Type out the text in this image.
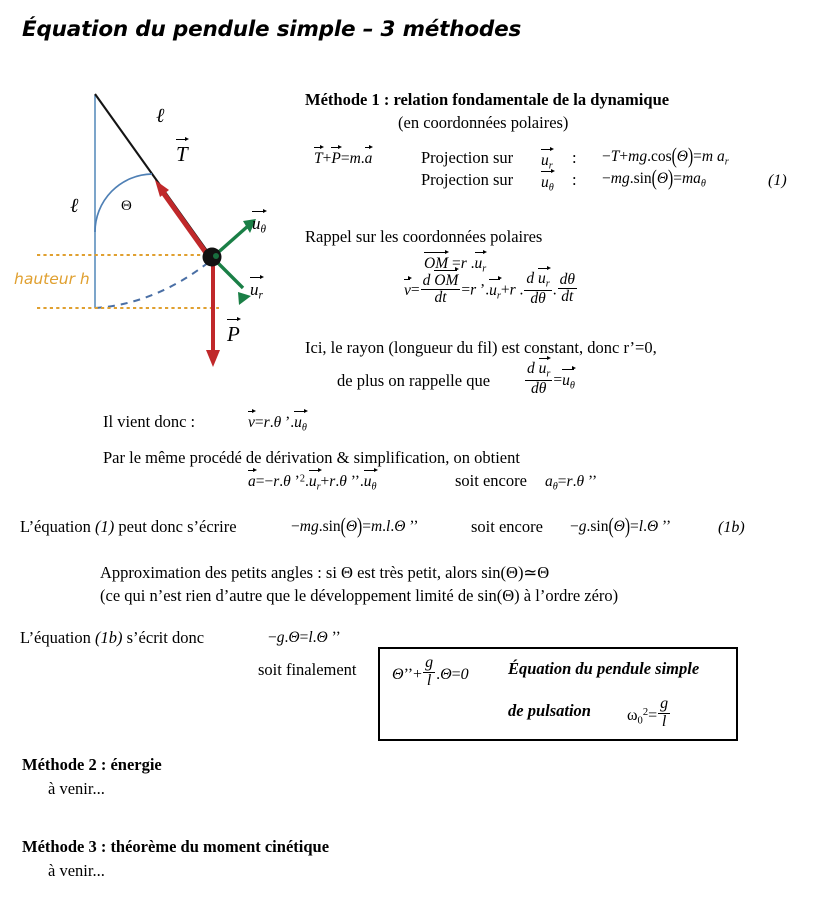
Équation du pendule simple – 3 méthodes
ℓ
ℓ	Θ
T
P
$u_\theta$
$u_r$
hauteur h
Méthode 1 : relation fondamentale de la dynamique
(en coordonnées polaires)
T+P=m.a	Projection sur $u_r$ : −T+mg.cos(Θ)=m $a_r$
Projection sur $u_\theta$ : $-mg.\sin(\Theta)=ma_\theta$	(1)
Rappel sur les coordonnées polaires
OM =r $.u_r$
$v= \frac{\text{d OM}}{dt} =r$ $’.u_r+r$ . $\frac{d u_r}{d\theta}$ . $\frac{d\theta}{dt}$
Ici, le rayon (longueur du fil) est constant, donc r’=0,
de plus on rappelle que $\frac{d u_r}{d\theta} =u_\theta$
Il vient donc :	v=r.θ $’.u_\theta$
Par le même procédé de dérivation & simplification, on obtient
a=−r.θ $’^2.u_r+r.\theta$ $’’.u_\theta$	soit encore $a_\theta=r.\theta$ ’’
L’équation (1) peut donc s’écrire	−mg.sin(Θ)=m.l.Θ ’’	soit encore −g.sin(Θ)=l.Θ ’’	(1b)
Approximation des petits angles : si Θ est très petit, alors sin(Θ)≃Θ
(ce qui n’est rien d’autre que le développement limité de sin(Θ) à l’ordre zéro)
L’équation (1b) s’écrit donc	−g.Θ=l.Θ ’’
soit finalement Θ’’+ $\frac{g}{l} .\Theta=0$ Équation du pendule simple
de pulsation $\omega_0^2= \frac{g}{l}$
Méthode 2 : énergie
à venir...
Méthode 3 : théorème du moment cinétique
à venir...
